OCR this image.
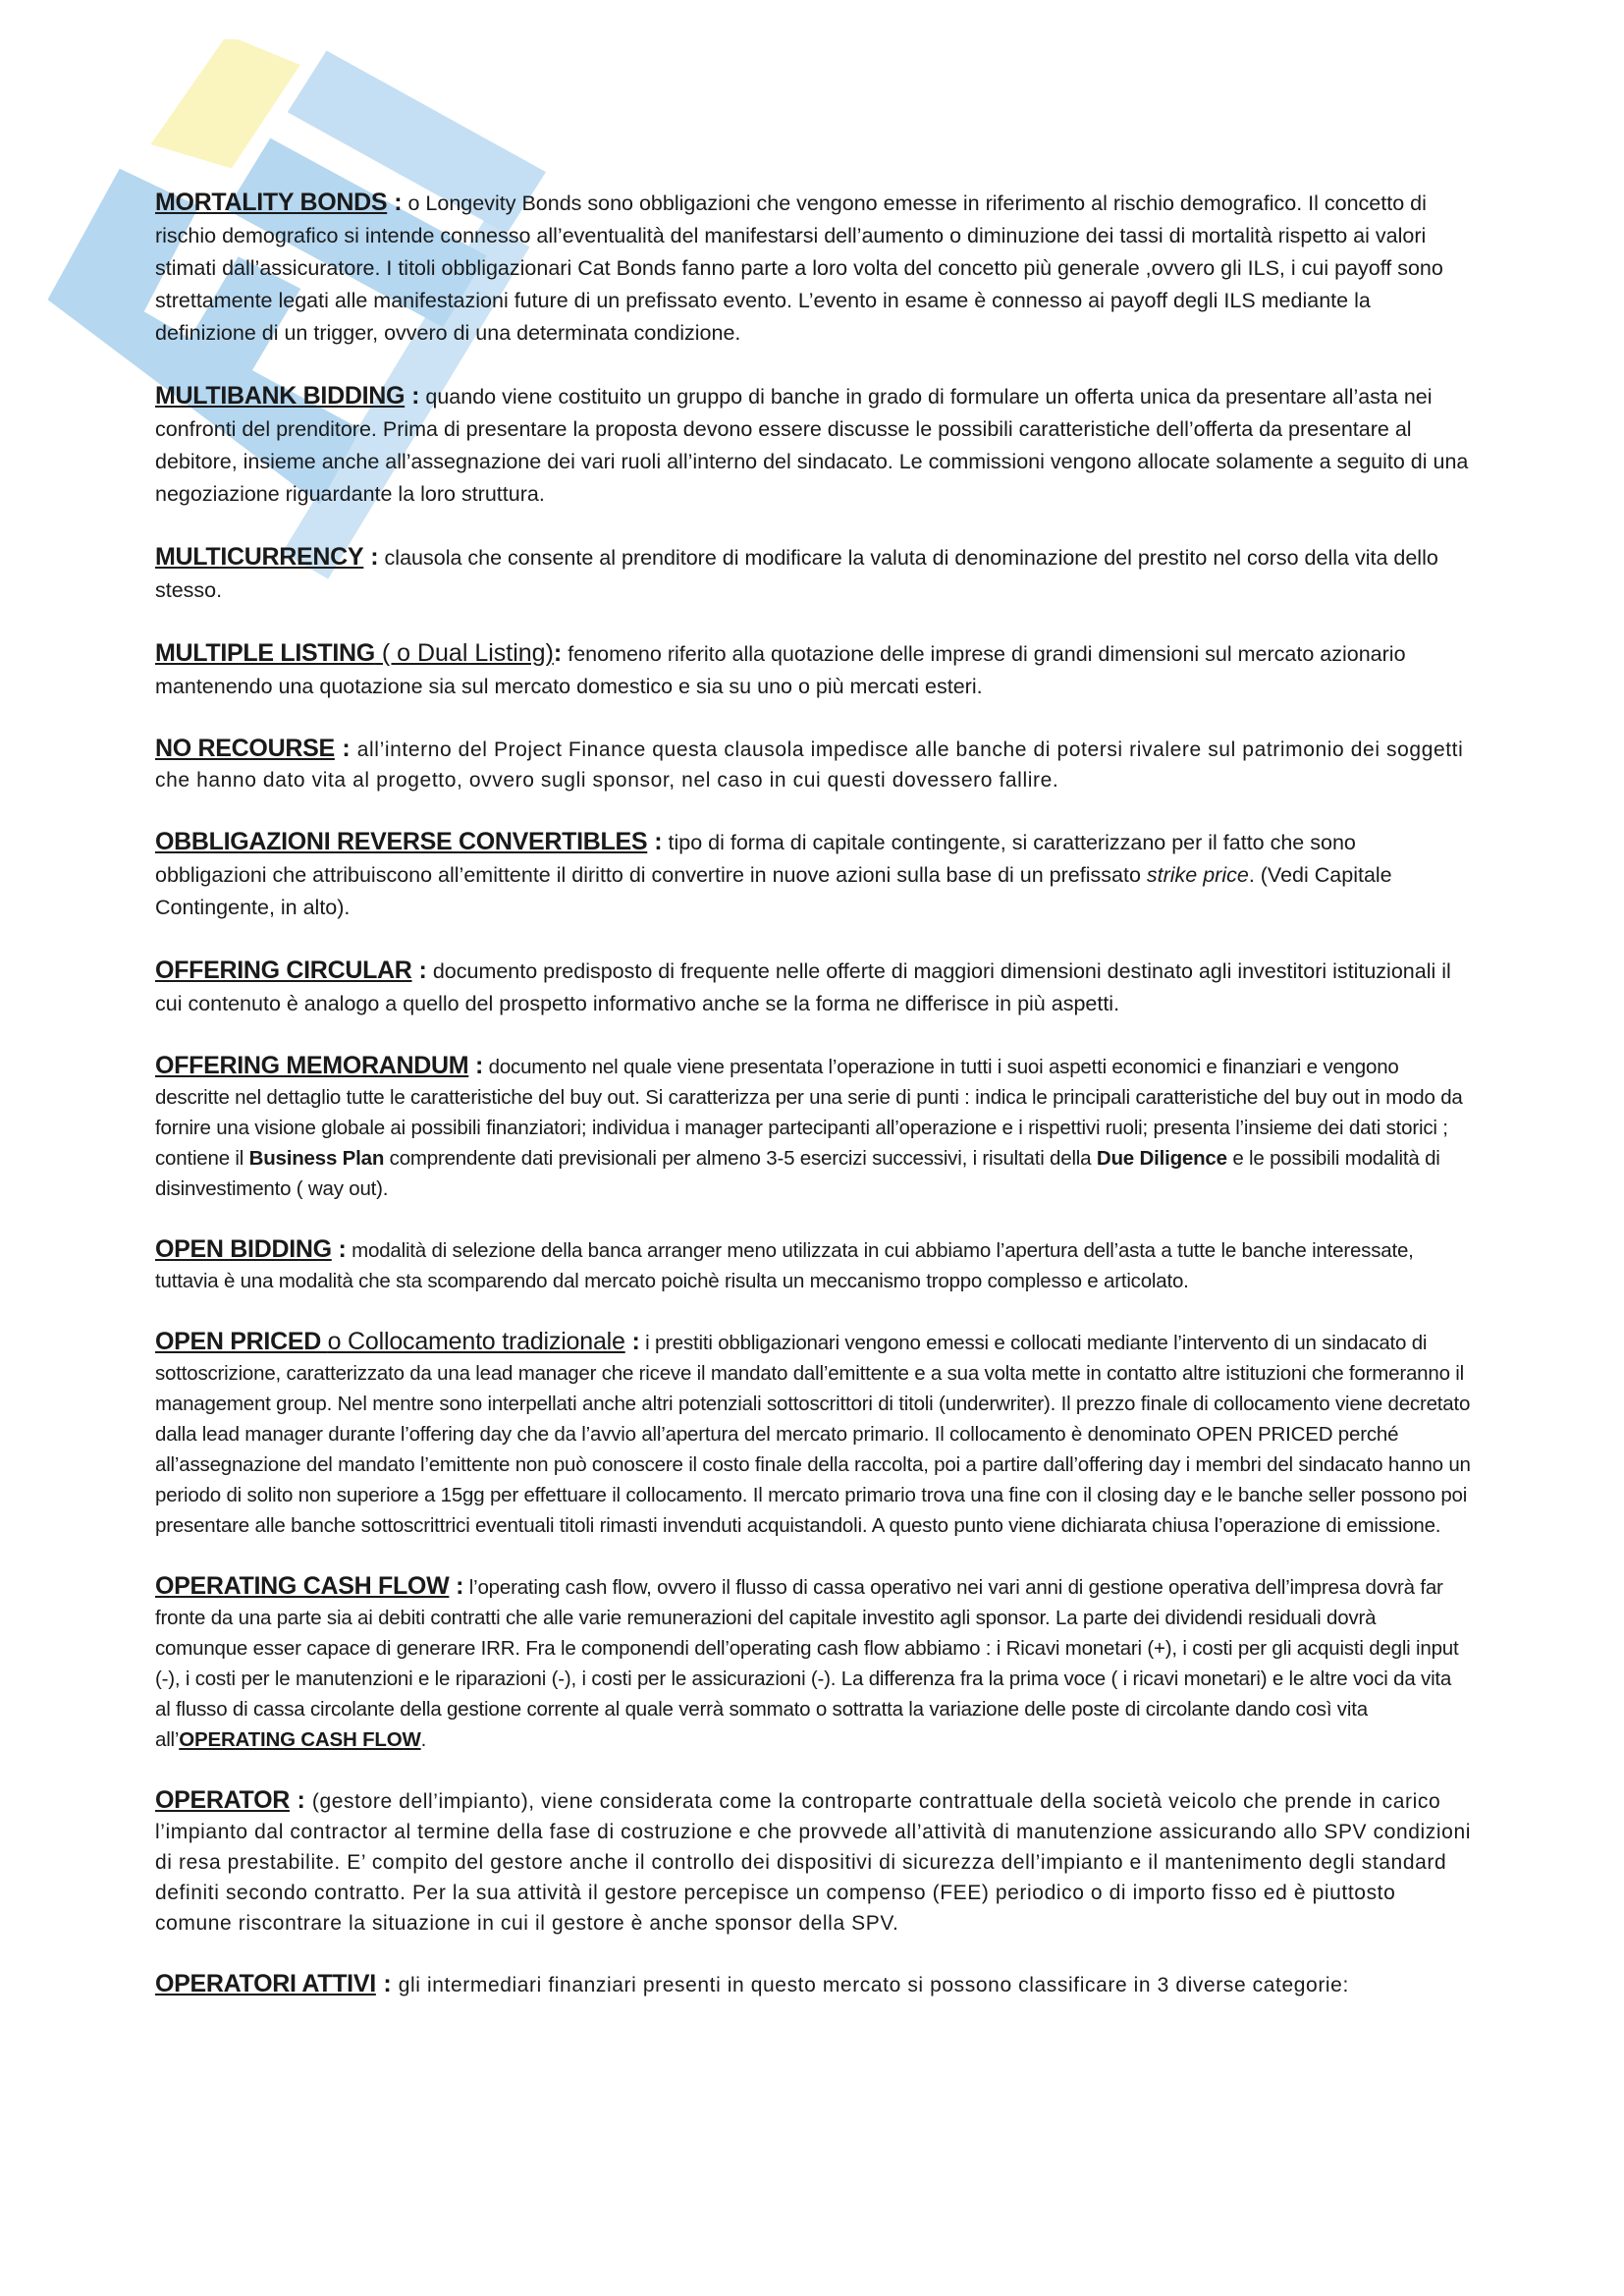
MORTALITY BONDS : o Longevity Bonds sono obbligazioni che vengono emesse in riferimento al rischio demografico. Il concetto di rischio demografico si intende connesso all’eventualità del manifestarsi dell’aumento o diminuzione dei tassi di mortalità rispetto ai valori stimati dall’assicuratore. I titoli obbligazionari Cat Bonds fanno parte a loro volta del concetto più generale ,ovvero gli ILS, i cui payoff sono strettamente legati alle manifestazioni future di un prefissato evento. L’evento in esame è connesso ai payoff degli ILS mediante la definizione di un trigger, ovvero di una determinata condizione.

MULTIBANK BIDDING : quando viene costituito un gruppo di banche in grado di formulare un offerta unica da presentare all’asta nei confronti del prenditore. Prima di presentare la proposta devono essere discusse le possibili caratteristiche dell’offerta da presentare al debitore, insieme anche all’assegnazione dei vari ruoli all’interno del sindacato. Le commissioni vengono allocate solamente a seguito di una negoziazione riguardante la loro struttura.

MULTICURRENCY : clausola che consente al prenditore di modificare la valuta di denominazione del prestito nel corso della vita dello stesso.

MULTIPLE LISTING ( o Dual Listing): fenomeno riferito alla quotazione delle imprese di grandi dimensioni sul mercato azionario mantenendo una quotazione sia sul mercato domestico e sia su uno o più mercati esteri.

NO RECOURSE : all’interno del Project Finance questa clausola impedisce alle banche di potersi rivalere sul patrimonio dei soggetti che hanno dato vita al progetto, ovvero sugli sponsor, nel caso in cui questi dovessero fallire.

OBBLIGAZIONI REVERSE CONVERTIBLES : tipo di forma di capitale contingente, si caratterizzano per il fatto che sono obbligazioni che attribuiscono all’emittente il diritto di convertire in nuove azioni sulla base di un prefissato strike price. (Vedi Capitale Contingente, in alto).

OFFERING CIRCULAR : documento predisposto di frequente nelle offerte di maggiori dimensioni destinato agli investitori istituzionali il cui contenuto è analogo a quello del prospetto informativo anche se la forma ne differisce in più aspetti.

OFFERING MEMORANDUM : documento nel quale viene presentata l’operazione in tutti i suoi aspetti economici e finanziari e vengono descritte nel dettaglio tutte le caratteristiche del buy out. Si caratterizza per una serie di punti : indica le principali caratteristiche del buy out in modo da fornire una visione globale ai possibili finanziatori; individua i manager partecipanti all’operazione e i rispettivi ruoli; presenta l’insieme dei dati storici ; contiene il Business Plan comprendente dati previsionali per almeno 3-5 esercizi successivi, i risultati della Due Diligence e le possibili modalità di disinvestimento ( way out).

OPEN BIDDING : modalità di selezione della banca arranger meno utilizzata in cui abbiamo l’apertura dell’asta a tutte le banche interessate, tuttavia è una modalità che sta scomparendo dal mercato poichè risulta un meccanismo troppo complesso e articolato.

OPEN PRICED o Collocamento tradizionale : i prestiti obbligazionari vengono emessi e collocati mediante l’intervento di un sindacato di sottoscrizione, caratterizzato da una lead manager che riceve il mandato dall’emittente e a sua volta mette in contatto altre istituzioni che formeranno il management group. Nel mentre sono interpellati anche altri potenziali sottoscrittori di titoli (underwriter). Il prezzo finale di collocamento viene decretato dalla lead manager durante l’offering day che da l’avvio all’apertura del mercato primario. Il collocamento è denominato OPEN PRICED perché all’assegnazione del mandato l’emittente non può conoscere il costo finale della raccolta, poi a partire dall’offering day i membri del sindacato hanno un periodo di solito non superiore a 15gg per effettuare il collocamento. Il mercato primario trova una fine con il closing day e le banche seller possono poi presentare alle banche sottoscrittrici eventuali titoli rimasti invenduti acquistandoli. A questo punto viene dichiarata chiusa l’operazione di emissione.

OPERATING CASH FLOW : l’operating cash flow, ovvero il flusso di cassa operativo nei vari anni di gestione operativa dell’impresa dovrà far fronte da una parte sia ai debiti contratti che alle varie remunerazioni del capitale investito agli sponsor. La parte dei dividendi residuali dovrà comunque esser capace di generare IRR. Fra le componendi dell’operating cash flow abbiamo : i Ricavi monetari (+), i costi per gli acquisti degli input (-), i costi per le manutenzioni e le riparazioni (-), i costi per le assicurazioni (-). La differenza fra la prima voce ( i ricavi monetari) e le altre voci da vita al flusso di cassa circolante della gestione corrente al quale verrà sommato o sottratta la variazione delle poste di circolante dando così vita all’OPERATING CASH FLOW.

OPERATOR : (gestore dell’impianto), viene considerata come la controparte contrattuale della società veicolo che prende in carico l’impianto dal contractor al termine della fase di costruzione e che provvede all’attività di manutenzione assicurando allo SPV condizioni di resa prestabilite. E’ compito del gestore anche il controllo dei dispositivi di sicurezza dell’impianto e il mantenimento degli standard definiti secondo contratto. Per la sua attività il gestore percepisce un compenso (FEE) periodico o di importo fisso ed è piuttosto comune riscontrare la situazione in cui il gestore è anche sponsor della SPV.

OPERATORI ATTIVI : gli intermediari finanziari presenti in questo mercato si possono classificare in 3 diverse categorie:
